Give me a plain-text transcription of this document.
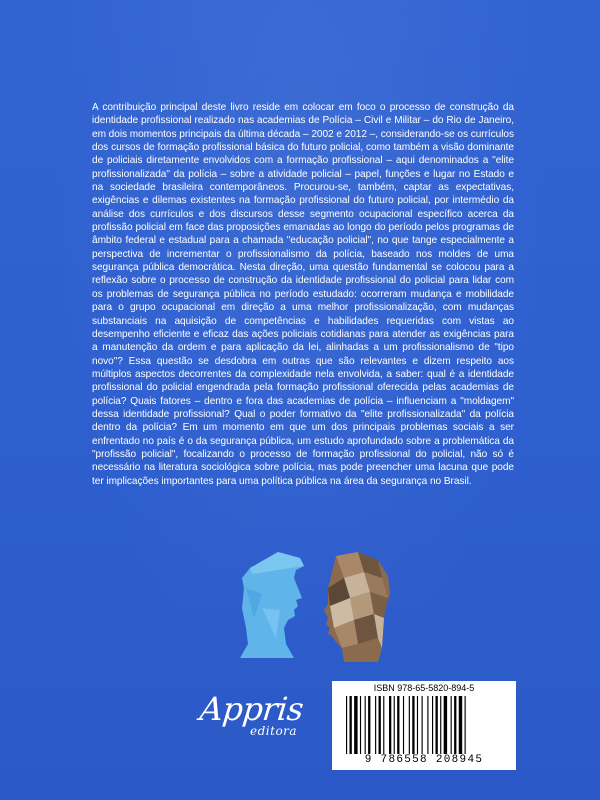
A contribuição principal deste livro reside em colocar em foco o processo de construção da identidade profissional realizado nas academias de Polícia – Civil e Militar – do Rio de Janeiro, em dois momentos principais da última década – 2002 e 2012 –, considerando-se os currículos dos cursos de formação profissional básica do futuro policial, como também a visão dominante de policiais diretamente envolvidos com a formação profissional – aqui denominados a "elite profissionalizada" da polícia – sobre a atividade policial – papel, funções e lugar no Estado e na sociedade brasileira contemporâneos. Procurou-se, também, captar as expectativas, exigências e dilemas existentes na formação profissional do futuro policial, por intermédio da análise dos currículos e dos discursos desse segmento ocupacional específico acerca da profissão policial em face das proposições emanadas ao longo do período pelos programas de âmbito federal e estadual para a chamada "educação policial", no que tange especialmente a perspectiva de incrementar o profissionalismo da polícia, baseado nos moldes de uma segurança pública democrática. Nesta direção, uma questão fundamental se colocou para a reflexão sobre o processo de construção da identidade profissional do policial para lidar com os problemas de segurança pública no período estudado: ocorreram mudança e mobilidade para o grupo ocupacional em direção a uma melhor profissionalização, com mudanças substanciais na aquisição de competências e habilidades requeridas com vistas ao desempenho eficiente e eficaz das ações policiais cotidianas para atender as exigências para a manutenção da ordem e para aplicação da lei, alinhadas a um profissionalismo de "tipo novo"? Essa questão se desdobra em outras que são relevantes e dizem respeito aos múltiplos aspectos decorrentes da complexidade nela envolvida, a saber: qual é a identidade profissional do policial engendrada pela formação profissional oferecida pelas academias de polícia? Quais fatores – dentro e fora das academias de polícia – influenciam a "moldagem" dessa identidade profissional? Qual o poder formativo da "elite profissionalizada" da polícia dentro da polícia? Em um momento em que um dos principais problemas sociais a ser enfrentado no país é o da segurança pública, um estudo aprofundado sobre a problemática da "profissão policial", focalizando o processo de formação profissional do policial, não só é necessário na literatura sociológica sobre polícia, mas pode preencher uma lacuna que pode ter implicações importantes para uma política pública na área da segurança no Brasil.

Appris
editora
ISBN 978-65-5820-894-5
9 786558 208945
